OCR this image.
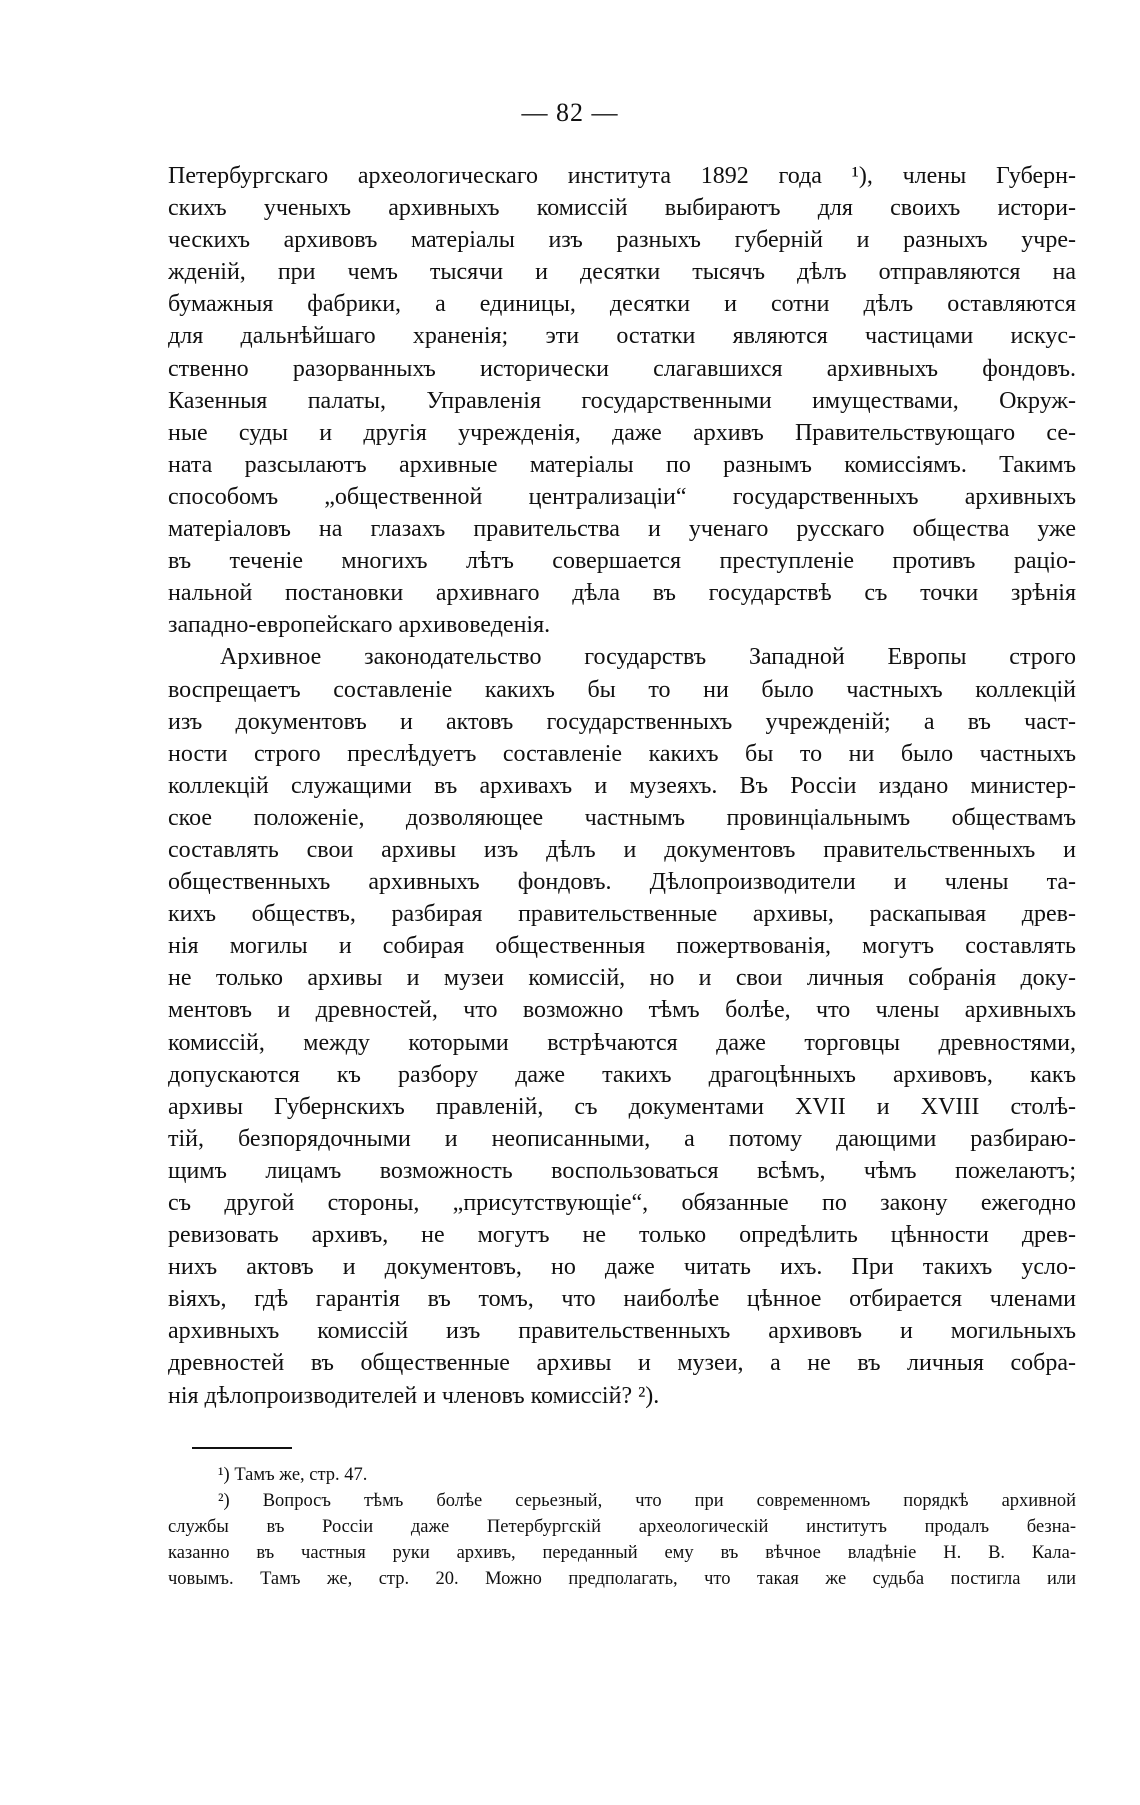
— 82 —
Петербургскаго археологическаго института 1892 года ¹), члены Губерн-
скихъ ученыхъ архивныхъ комиссій выбираютъ для своихъ истори-
ческихъ архивовъ матеріалы изъ разныхъ губерній и разныхъ учре-
жденій, при чемъ тысячи и десятки тысячъ дѣлъ отправляются на
бумажныя фабрики, а единицы, десятки и сотни дѣлъ оставляются
для дальнѣйшаго храненія; эти остатки являются частицами искус-
ственно разорванныхъ исторически слагавшихся архивныхъ фондовъ.
Казенныя палаты, Управленія государственными имуществами, Окруж-
ные суды и другія учрежденія, даже архивъ Правительствующаго се-
ната разсылаютъ архивные матеріалы по разнымъ комиссіямъ. Такимъ
способомъ „общественной централизаціи“ государственныхъ архивныхъ
матеріаловъ на глазахъ правительства и ученаго русскаго общества уже
въ теченіе многихъ лѣтъ совершается преступленіе противъ раціо-
нальной постановки архивнаго дѣла въ государствѣ съ точки зрѣнія
западно-европейскаго архивоведенія.
Архивное законодательство государствъ Западной Европы строго
воспрещаетъ составленіе какихъ бы то ни было частныхъ коллекцій
изъ документовъ и актовъ государственныхъ учрежденій; а въ част-
ности строго преслѣдуетъ составленіе какихъ бы то ни было частныхъ
коллекцій служащими въ архивахъ и музеяхъ. Въ Россіи издано министер-
ское положеніе, дозволяющее частнымъ провинціальнымъ обществамъ
составлять свои архивы изъ дѣлъ и документовъ правительственныхъ и
общественныхъ архивныхъ фондовъ. Дѣлопроизводители и члены та-
кихъ обществъ, разбирая правительственные архивы, раскапывая древ-
нія могилы и собирая общественныя пожертвованія, могутъ составлять
не только архивы и музеи комиссій, но и свои личныя собранія доку-
ментовъ и древностей, что возможно тѣмъ болѣе, что члены архивныхъ
комиссій, между которыми встрѣчаются даже торговцы древностями,
допускаются къ разбору даже такихъ драгоцѣнныхъ архивовъ, какъ
архивы Губернскихъ правленій, съ документами XVII и XVIII столѣ-
тій, безпорядочными и неописанными, а потому дающими разбираю-
щимъ лицамъ возможность воспользоваться всѣмъ, чѣмъ пожелаютъ;
съ другой стороны, „присутствующіе“, обязанные по закону ежегодно
ревизовать архивъ, не могутъ не только опредѣлить цѣнности древ-
нихъ актовъ и документовъ, но даже читать ихъ. При такихъ усло-
віяхъ, гдѣ гарантія въ томъ, что наиболѣе цѣнное отбирается членами
архивныхъ комиссій изъ правительственныхъ архивовъ и могильныхъ
древностей въ общественные архивы и музеи, а не въ личныя собра-
нія дѣлопроизводителей и членовъ комиссій? ²).
¹) Тамъ же, стр. 47.
²) Вопросъ тѣмъ болѣе серьезный, что при современномъ порядкѣ архивной
службы въ Россіи даже Петербургскій археологическій институтъ продалъ безна-
казанно въ частныя руки архивъ, переданный ему въ вѣчное владѣніе Н. В. Кала-
човымъ. Тамъ же, стр. 20. Можно предполагать, что такая же судьба постигла или
